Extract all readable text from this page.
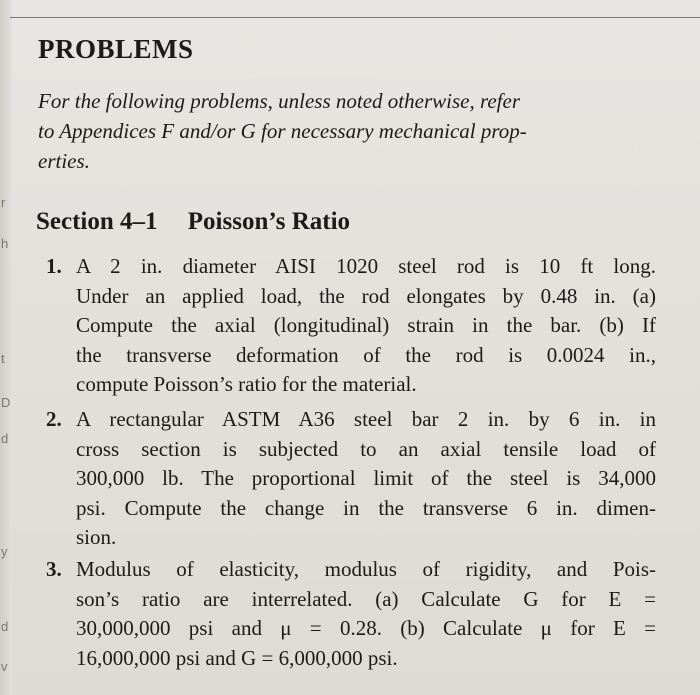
r
h
t
D
d
y
d
v
PROBLEMS

For the following problems, unless noted otherwise, refer
to Appendices F and/or G for necessary mechanical prop-
erties.

Section 4–1 Poisson’s Ratio
1. A 2 in. diameter AISI 1020 steel rod is 10 ft long.
Under an applied load, the rod elongates by 0.48 in. (a)
Compute the axial (longitudinal) strain in the bar. (b) If
the transverse deformation of the rod is 0.0024 in.,
compute Poisson’s ratio for the material.
2. A rectangular ASTM A36 steel bar 2 in. by 6 in. in
cross section is subjected to an axial tensile load of
300,000 lb. The proportional limit of the steel is 34,000
psi. Compute the change in the transverse 6 in. dimen-
sion.
3. Modulus of elasticity, modulus of rigidity, and Pois-
son’s ratio are interrelated. (a) Calculate G for E =
30,000,000 psi and μ = 0.28. (b) Calculate μ for E =
16,000,000 psi and G = 6,000,000 psi.
